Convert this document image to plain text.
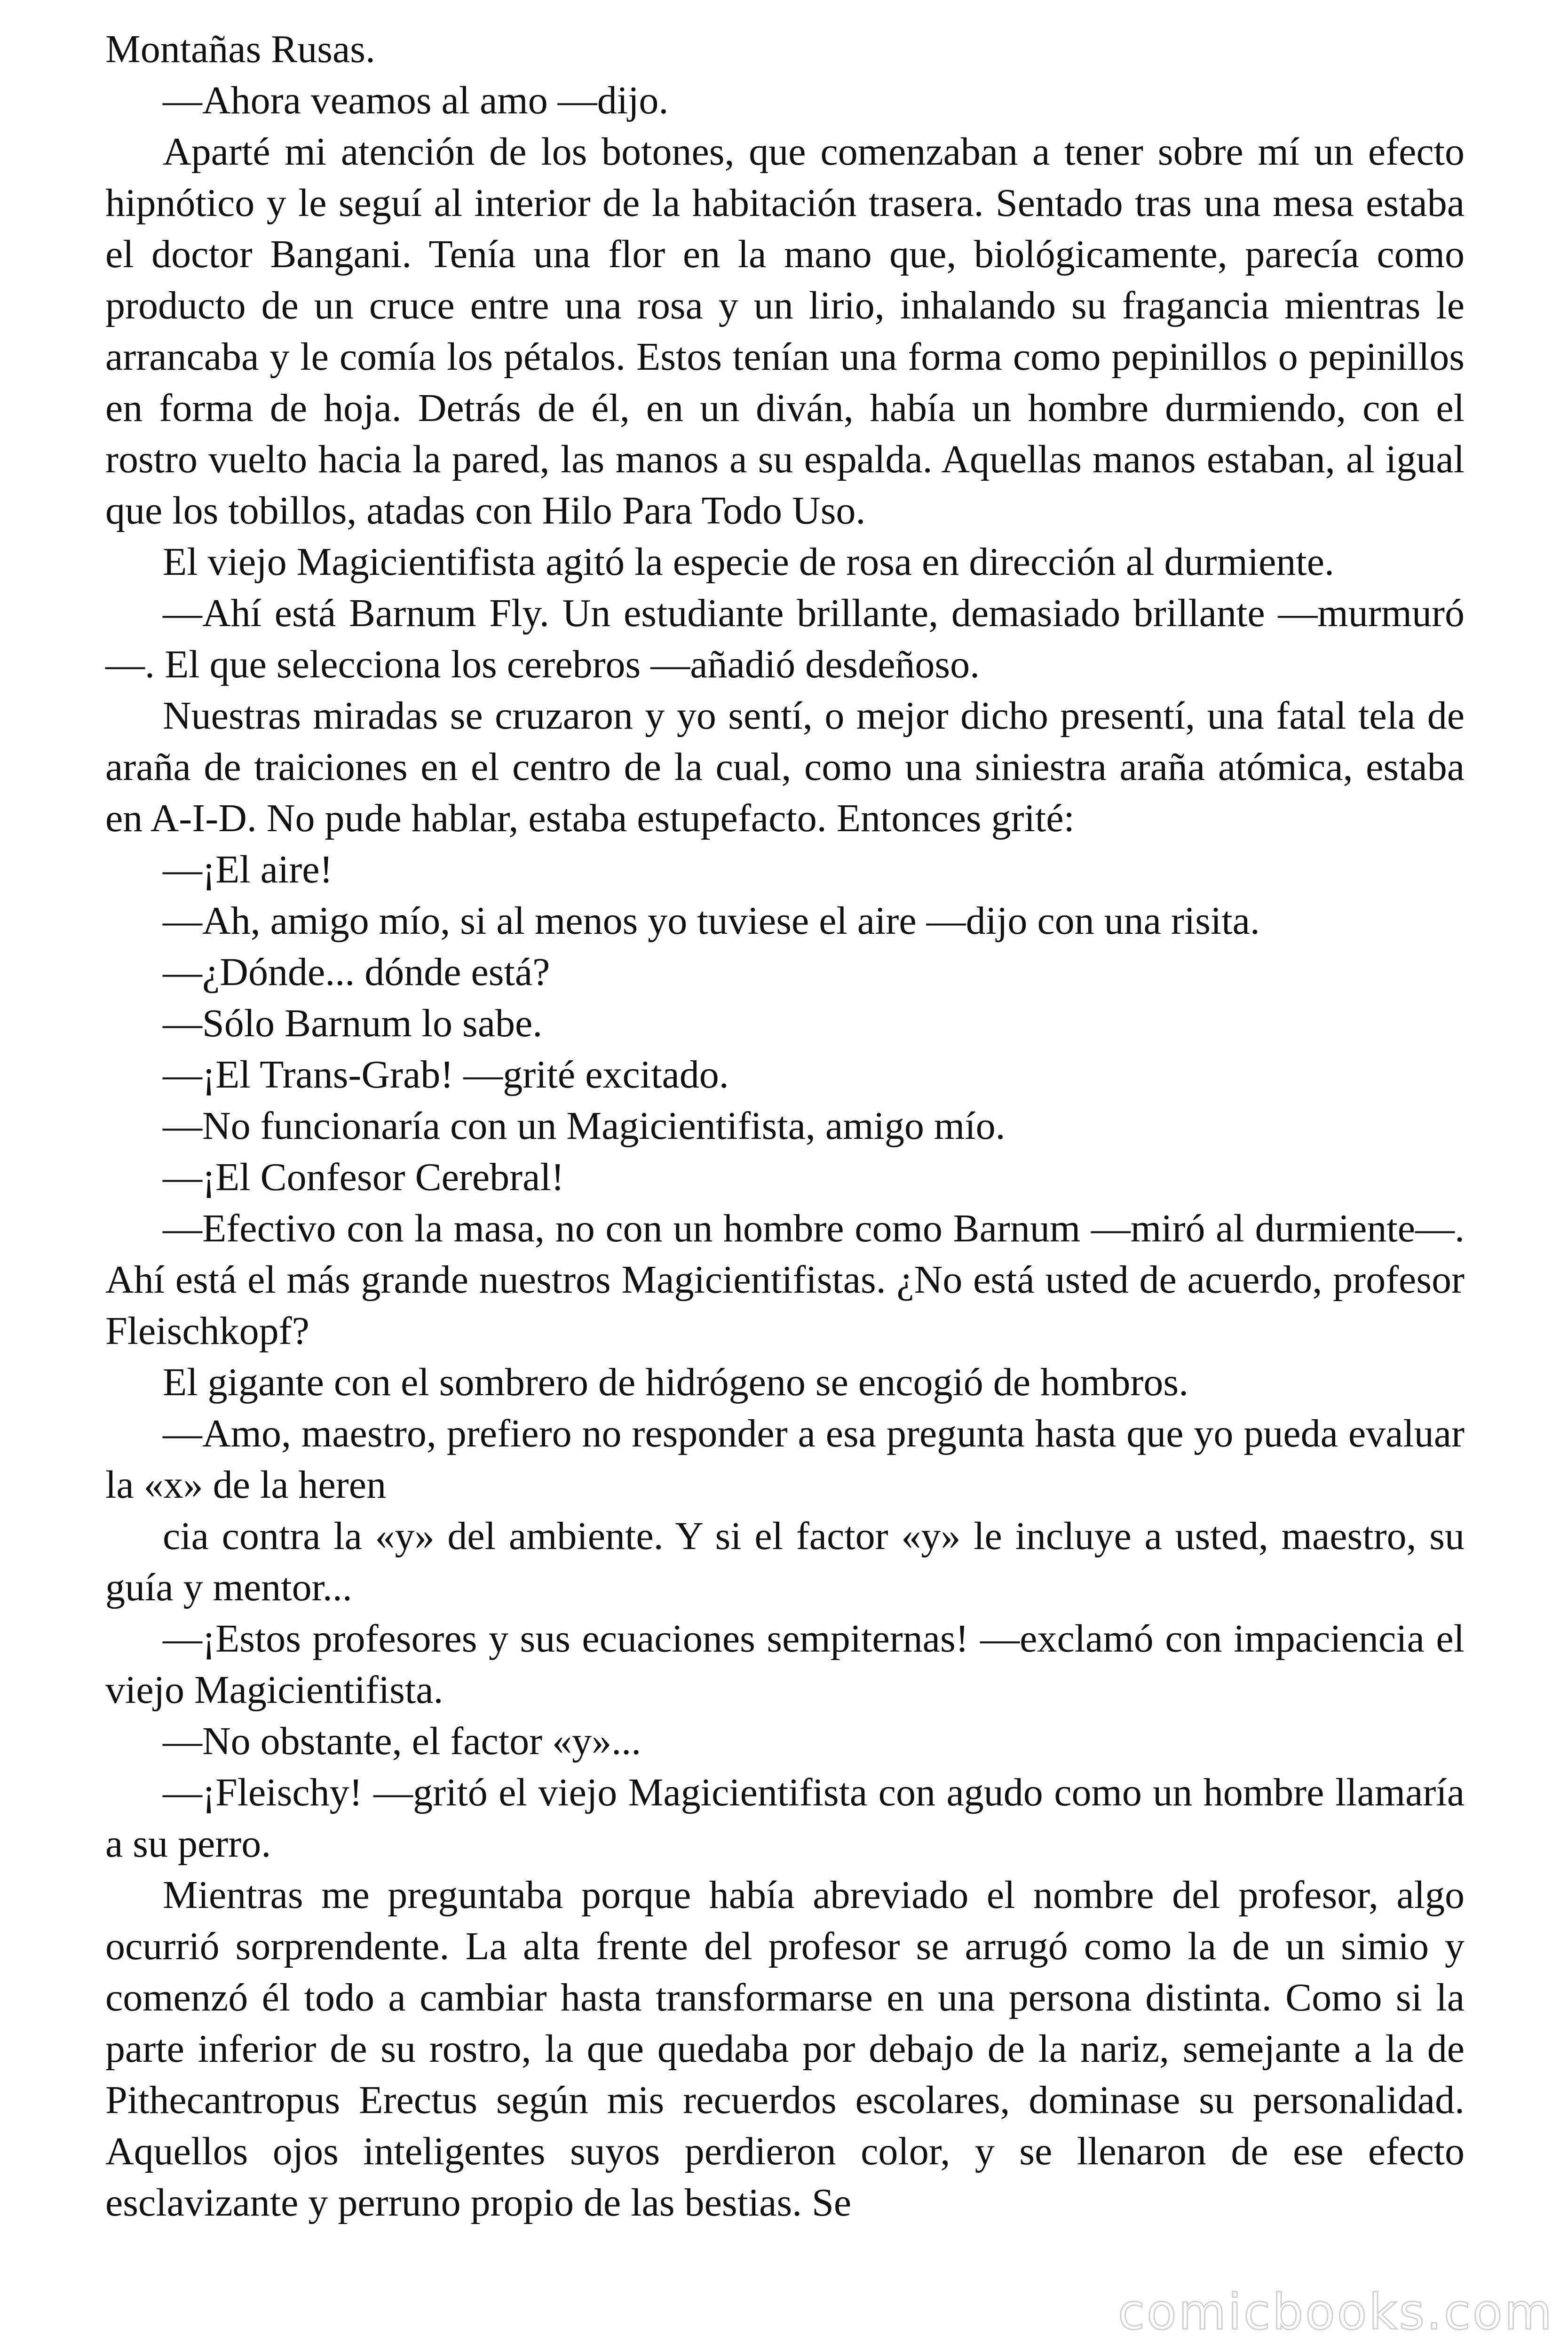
Montañas Rusas.

—Ahora veamos al amo —dijo.

Aparté mi atención de los botones, que comenzaban a tener sobre mí un efecto hipnótico y le seguí al interior de la habitación trasera. Sentado tras una mesa estaba el doctor Bangani. Tenía una flor en la mano que, biológicamente, parecía como producto de un cruce entre una rosa y un lirio, inhalando su fragancia mientras le arrancaba y le comía los pétalos. Estos tenían una forma como pepinillos o pepinillos en forma de hoja. Detrás de él, en un diván, había un hombre durmiendo, con el rostro vuelto hacia la pared, las manos a su espalda. Aquellas manos estaban, al igual que los tobillos, atadas con Hilo Para Todo Uso.

El viejo Magicientifista agitó la especie de rosa en dirección al durmiente.

—Ahí está Barnum Fly. Un estudiante brillante, demasiado brillante —murmuró—. El que selecciona los cerebros —añadió desdeñoso.

Nuestras miradas se cruzaron y yo sentí, o mejor dicho presentí, una fatal tela de araña de traiciones en el centro de la cual, como una siniestra araña atómica, estaba en A-I-D. No pude hablar, estaba estupefacto. Entonces grité:

—¡El aire!

—Ah, amigo mío, si al menos yo tuviese el aire —dijo con una risita.

—¿Dónde... dónde está?

—Sólo Barnum lo sabe.

—¡El Trans-Grab! —grité excitado.

—No funcionaría con un Magicientifista, amigo mío.

—¡El Confesor Cerebral!

—Efectivo con la masa, no con un hombre como Barnum —miró al durmiente—. Ahí está el más grande nuestros Magicientifistas. ¿No está usted de acuerdo, profesor Fleischkopf?

El gigante con el sombrero de hidrógeno se encogió de hombros.

—Amo, maestro, prefiero no responder a esa pregunta hasta que yo pueda evaluar la «x» de la heren

cia contra la «y» del ambiente. Y si el factor «y» le incluye a usted, maestro, su guía y mentor...

—¡Estos profesores y sus ecuaciones sempiternas! —exclamó con impaciencia el viejo Magicientifista.

—No obstante, el factor «y»...

—¡Fleischy! —gritó el viejo Magicientifista con agudo como un hombre llamaría a su perro.

Mientras me preguntaba porque había abreviado el nombre del profesor, algo ocurrió sorprendente. La alta frente del profesor se arrugó como la de un simio y comenzó él todo a cambiar hasta transformarse en una persona distinta. Como si la parte inferior de su rostro, la que quedaba por debajo de la nariz, semejante a la de Pithecantropus Erectus según mis recuerdos escolares, dominase su personalidad. Aquellos ojos inteligentes suyos perdieron color, y se llenaron de ese efecto esclavizante y perruno propio de las bestias. Se

comicbooks.com
